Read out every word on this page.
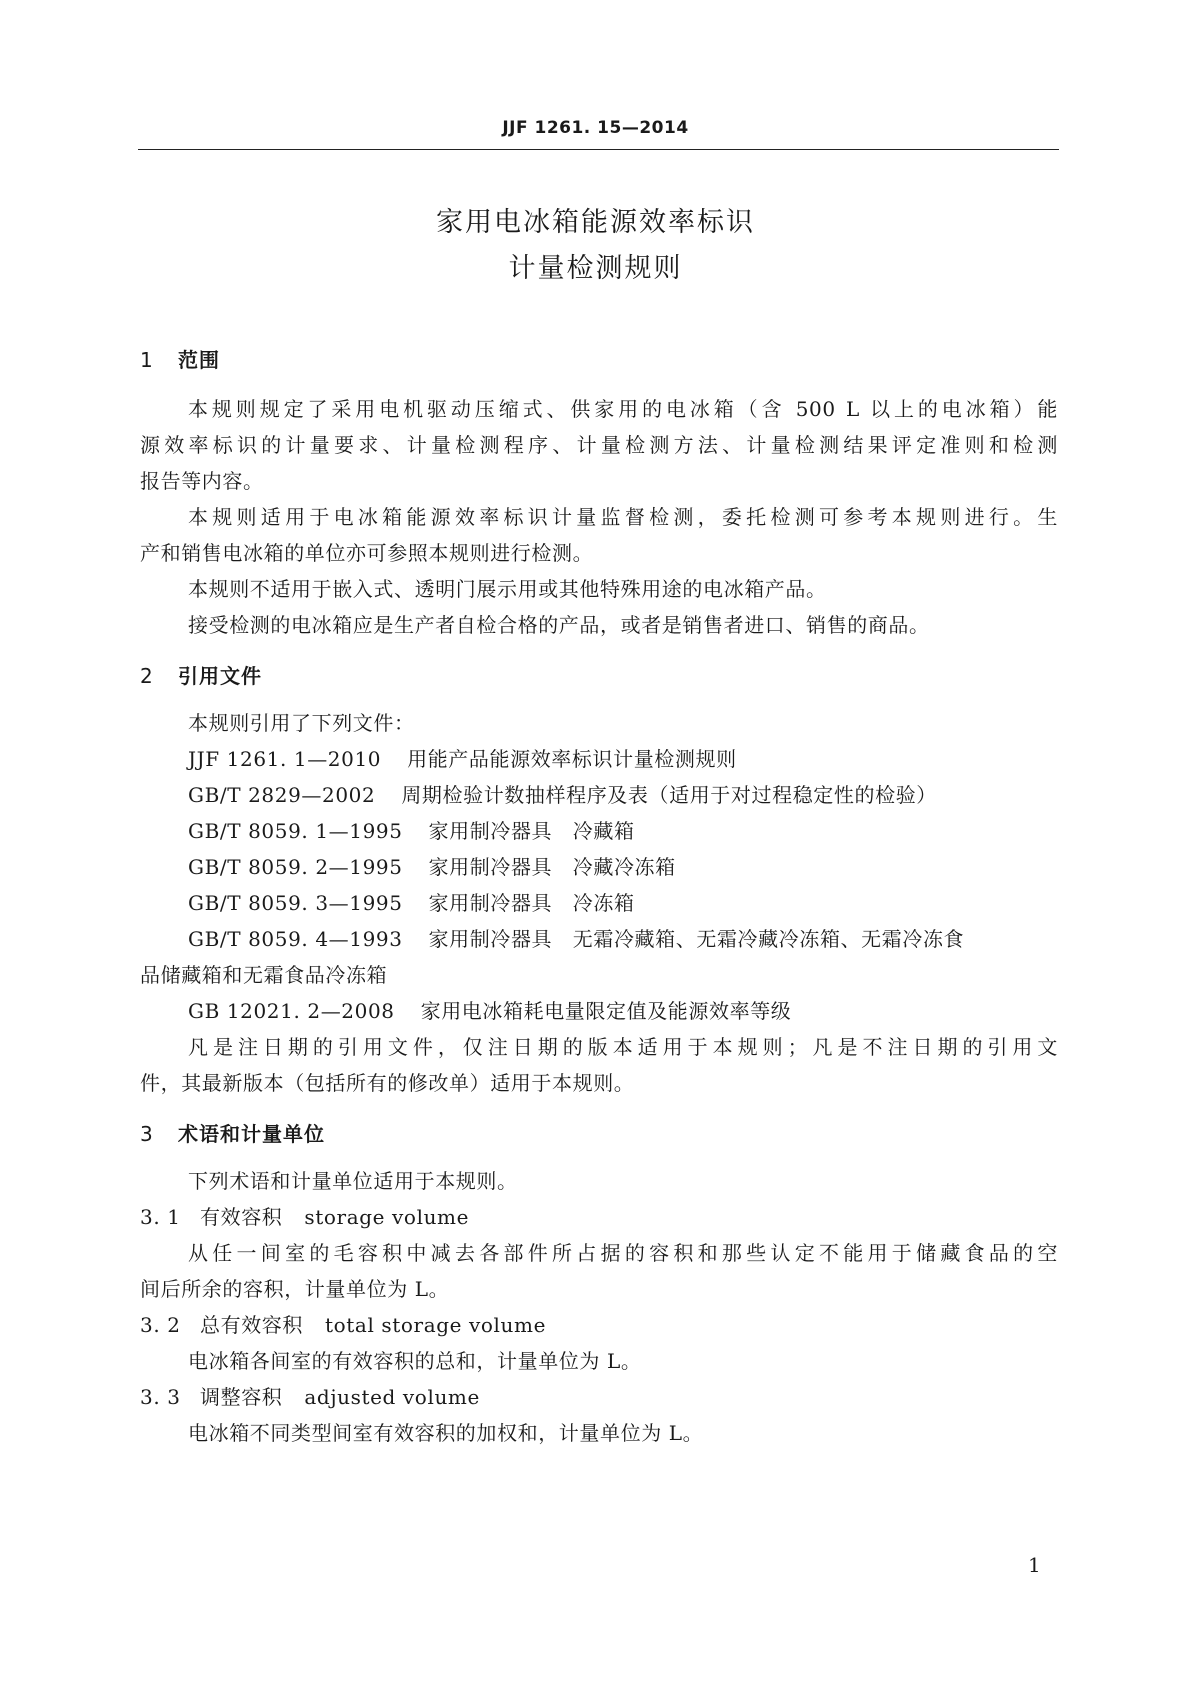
JJF 1261. 15—2014
家用电冰箱能源效率标识
计量检测规则
1 范围
本规则规定了采用电机驱动压缩式、供家用的电冰箱（含 500 L 以上的电冰箱）能
源效率标识的计量要求、计量检测程序、计量检测方法、计量检测结果评定准则和检测
报告等内容。
本规则适用于电冰箱能源效率标识计量监督检测，委托检测可参考本规则进行。生
产和销售电冰箱的单位亦可参照本规则进行检测。
本规则不适用于嵌入式、透明门展示用或其他特殊用途的电冰箱产品。
接受检测的电冰箱应是生产者自检合格的产品，或者是销售者进口、销售的商品。
2 引用文件
本规则引用了下列文件：
JJF 1261. 1—2010 用能产品能源效率标识计量检测规则
GB/T 2829—2002 周期检验计数抽样程序及表（适用于对过程稳定性的检验）
GB/T 8059. 1—1995 家用制冷器具　冷藏箱
GB/T 8059. 2—1995 家用制冷器具　冷藏冷冻箱
GB/T 8059. 3—1995 家用制冷器具　冷冻箱
GB/T 8059. 4—1993 家用制冷器具　无霜冷藏箱、无霜冷藏冷冻箱、无霜冷冻食
品储藏箱和无霜食品冷冻箱
GB 12021. 2—2008 家用电冰箱耗电量限定值及能源效率等级
凡是注日期的引用文件，仅注日期的版本适用于本规则；凡是不注日期的引用文
件，其最新版本（包括所有的修改单）适用于本规则。
3 术语和计量单位
下列术语和计量单位适用于本规则。
3. 1 有效容积 storage volume
从任一间室的毛容积中减去各部件所占据的容积和那些认定不能用于储藏食品的空
间后所余的容积，计量单位为 L。
3. 2 总有效容积 total storage volume
电冰箱各间室的有效容积的总和，计量单位为 L。
3. 3 调整容积 adjusted volume
电冰箱不同类型间室有效容积的加权和，计量单位为 L。
1
